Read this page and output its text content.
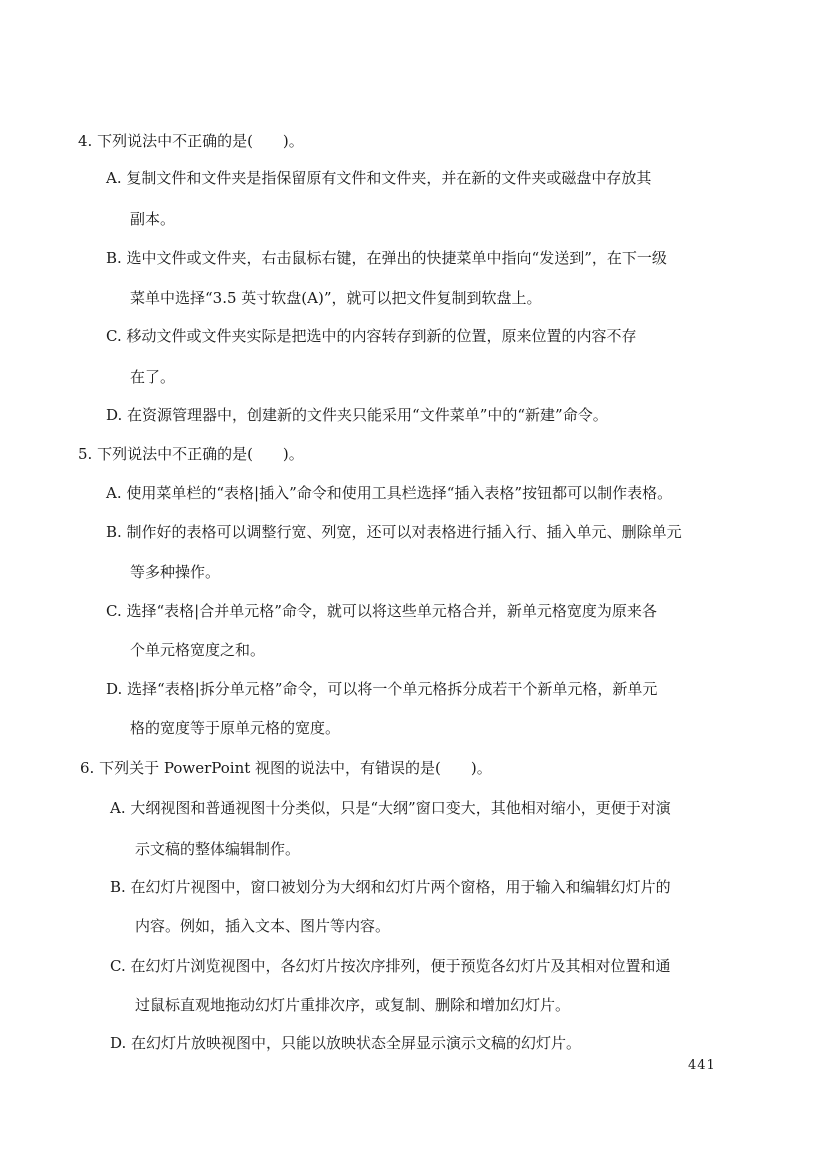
4. 下列说法中不正确的是(　　)。
A. 复制文件和文件夹是指保留原有文件和文件夹，并在新的文件夹或磁盘中存放其
副本。
B. 选中文件或文件夹，右击鼠标右键，在弹出的快捷菜单中指向“发送到”，在下一级
菜单中选择“3.5 英寸软盘(A)”，就可以把文件复制到软盘上。
C. 移动文件或文件夹实际是把选中的内容转存到新的位置，原来位置的内容不存
在了。
D. 在资源管理器中，创建新的文件夹只能采用“文件菜单”中的“新建”命令。
5. 下列说法中不正确的是(　　)。
A. 使用菜单栏的“表格|插入”命令和使用工具栏选择“插入表格”按钮都可以制作表格。
B. 制作好的表格可以调整行宽、列宽，还可以对表格进行插入行、插入单元、删除单元
等多种操作。
C. 选择“表格|合并单元格”命令，就可以将这些单元格合并，新单元格宽度为原来各
个单元格宽度之和。
D. 选择“表格|拆分单元格”命令，可以将一个单元格拆分成若干个新单元格，新单元
格的宽度等于原单元格的宽度。
6. 下列关于 PowerPoint 视图的说法中，有错误的是(　　)。
A. 大纲视图和普通视图十分类似，只是“大纲”窗口变大，其他相对缩小，更便于对演
示文稿的整体编辑制作。
B. 在幻灯片视图中，窗口被划分为大纲和幻灯片两个窗格，用于输入和编辑幻灯片的
内容。例如，插入文本、图片等内容。
C. 在幻灯片浏览视图中，各幻灯片按次序排列，便于预览各幻灯片及其相对位置和通
过鼠标直观地拖动幻灯片重排次序，或复制、删除和增加幻灯片。
D. 在幻灯片放映视图中，只能以放映状态全屏显示演示文稿的幻灯片。
441
